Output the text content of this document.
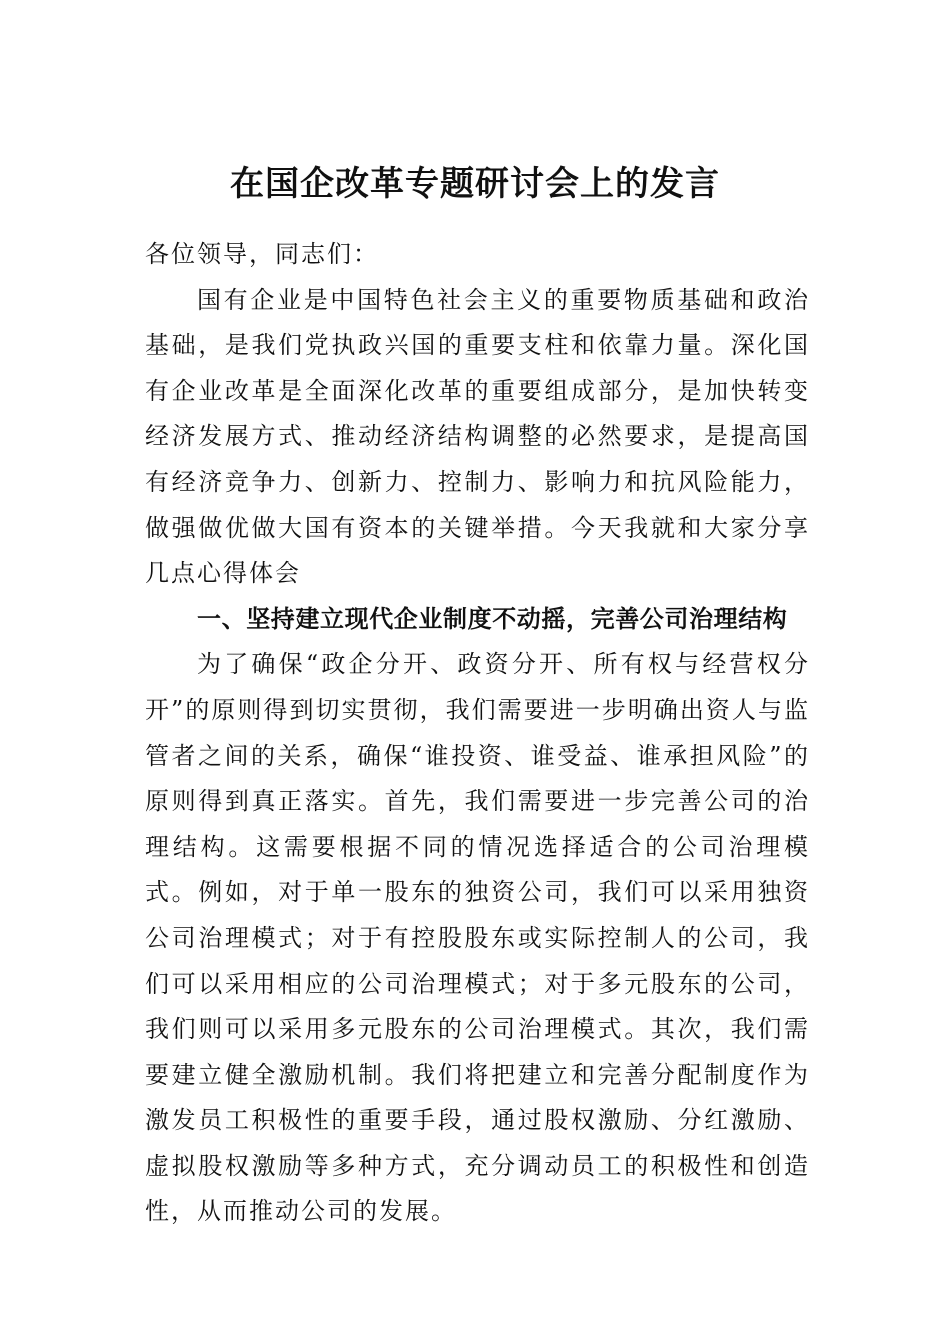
在国企改革专题研讨会上的发言

各位领导，同志们：

国有企业是中国特色社会主义的重要物质基础和政治基础，是我们党执政兴国的重要支柱和依靠力量。深化国有企业改革是全面深化改革的重要组成部分，是加快转变经济发展方式、推动经济结构调整的必然要求，是提高国有经济竞争力、创新力、控制力、影响力和抗风险能力，做强做优做大国有资本的关键举措。今天我就和大家分享几点心得体会

一、坚持建立现代企业制度不动摇，完善公司治理结构

为了确保“政企分开、政资分开、所有权与经营权分开”的原则得到切实贯彻，我们需要进一步明确出资人与监管者之间的关系，确保“谁投资、谁受益、谁承担风险”的原则得到真正落实。首先，我们需要进一步完善公司的治理结构。这需要根据不同的情况选择适合的公司治理模式。例如，对于单一股东的独资公司，我们可以采用独资公司治理模式；对于有控股股东或实际控制人的公司，我们可以采用相应的公司治理模式；对于多元股东的公司，我们则可以采用多元股东的公司治理模式。其次，我们需要建立健全激励机制。我们将把建立和完善分配制度作为激发员工积极性的重要手段，通过股权激励、分红激励、虚拟股权激励等多种方式，充分调动员工的积极性和创造性，从而推动公司的发展。
